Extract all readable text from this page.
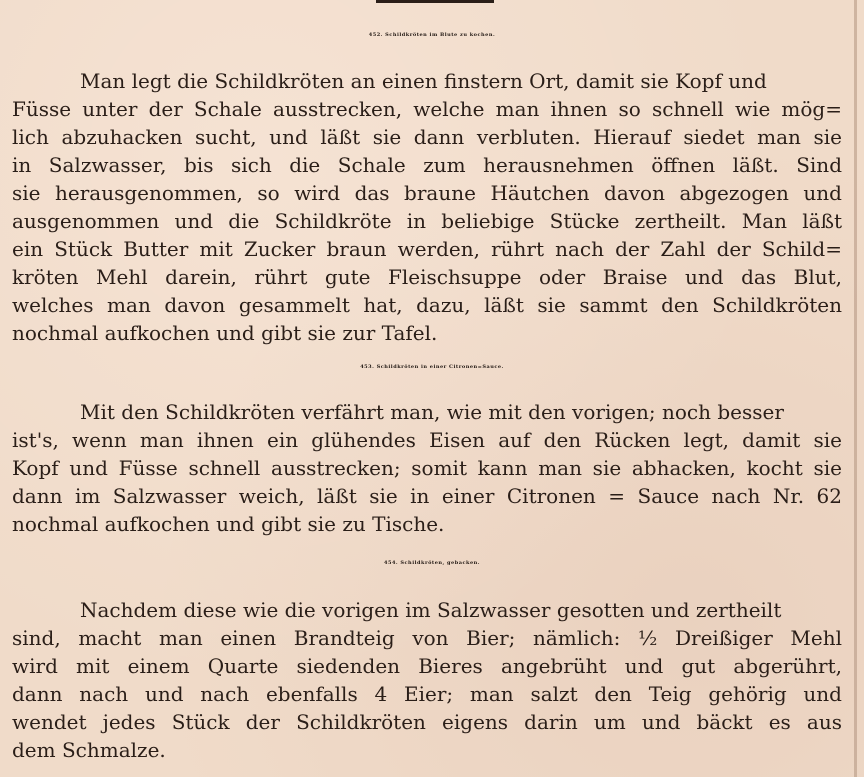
452. Schildkröten im Blute zu kochen.

Man legt die Schildkröten an einen finstern Ort, damit sie Kopf und

Füsse unter der Schale ausstrecken, welche man ihnen so schnell wie mög=

lich abzuhacken sucht, und läßt sie dann verbluten. Hierauf siedet man sie

in Salzwasser, bis sich die Schale zum herausnehmen öffnen läßt. Sind

sie herausgenommen, so wird das braune Häutchen davon abgezogen und

ausgenommen und die Schildkröte in beliebige Stücke zertheilt. Man läßt

ein Stück Butter mit Zucker braun werden, rührt nach der Zahl der Schild=

kröten Mehl darein, rührt gute Fleischsuppe oder Braise und das Blut,

welches man davon gesammelt hat, dazu, läßt sie sammt den Schildkröten

nochmal aufkochen und gibt sie zur Tafel.

453. Schildkröten in einer Citronen=Sauce.

Mit den Schildkröten verfährt man, wie mit den vorigen; noch besser

ist's, wenn man ihnen ein glühendes Eisen auf den Rücken legt, damit sie

Kopf und Füsse schnell ausstrecken; somit kann man sie abhacken, kocht sie

dann im Salzwasser weich, läßt sie in einer Citronen = Sauce nach Nr. 62

nochmal aufkochen und gibt sie zu Tische.

454. Schildkröten, gebacken.

Nachdem diese wie die vorigen im Salzwasser gesotten und zertheilt

sind, macht man einen Brandteig von Bier; nämlich: ½ Dreißiger Mehl

wird mit einem Quarte siedenden Bieres angebrüht und gut abgerührt,

dann nach und nach ebenfalls 4 Eier; man salzt den Teig gehörig und

wendet jedes Stück der Schildkröten eigens darin um und bäckt es aus

dem Schmalze.
